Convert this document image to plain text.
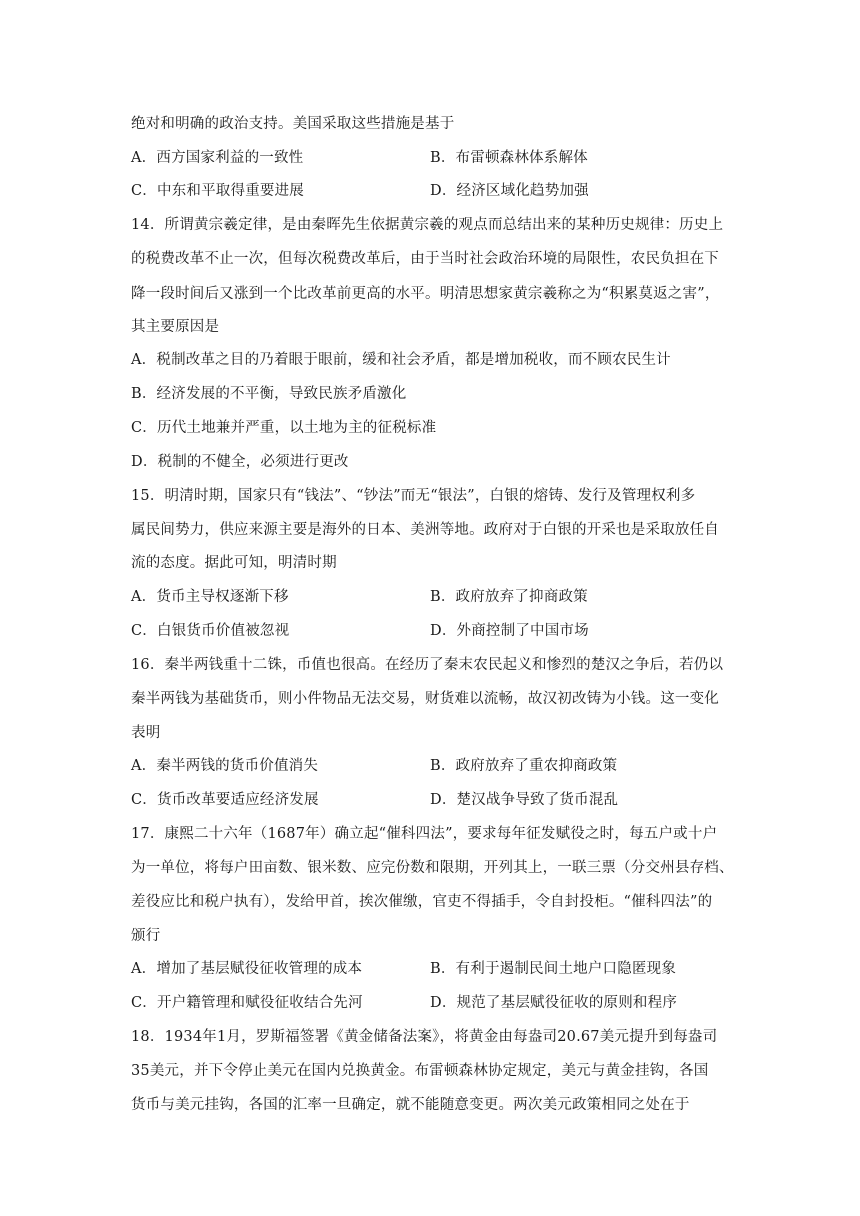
绝对和明确的政治支持。美国采取这些措施是基于
A．西方国家利益的一致性	B．布雷顿森林体系解体
C．中东和平取得重要进展	D．经济区域化趋势加强
14．所谓黄宗羲定律，是由秦晖先生依据黄宗羲的观点而总结出来的某种历史规律：历史上
的税费改革不止一次，但每次税费改革后，由于当时社会政治环境的局限性，农民负担在下
降一段时间后又涨到一个比改革前更高的水平。明清思想家黄宗羲称之为“积累莫返之害”，
其主要原因是
A．税制改革之目的乃着眼于眼前，缓和社会矛盾，都是增加税收，而不顾农民生计
B．经济发展的不平衡，导致民族矛盾激化
C．历代土地兼并严重，以土地为主的征税标准
D．税制的不健全，必须进行更改
15．明清时期，国家只有“钱法”、“钞法”而无“银法”，白银的熔铸、发行及管理权利多
属民间势力，供应来源主要是海外的日本、美洲等地。政府对于白银的开采也是采取放任自
流的态度。据此可知，明清时期
A．货币主导权逐渐下移	B．政府放弃了抑商政策
C．白银货币价值被忽视	D．外商控制了中国市场
16．秦半两钱重十二铢，币值也很高。在经历了秦末农民起义和惨烈的楚汉之争后，若仍以
秦半两钱为基础货币，则小件物品无法交易，财货难以流畅，故汉初改铸为小钱。这一变化
表明
A．秦半两钱的货币价值消失	B．政府放弃了重农抑商政策
C．货币改革要适应经济发展	D．楚汉战争导致了货币混乱
17．康熙二十六年（1687年）确立起“催科四法”，要求每年征发赋役之时，每五户或十户
为一单位，将每户田亩数、银米数、应完份数和限期，开列其上，一联三票（分交州县存档、
差役应比和税户执有），发给甲首，挨次催缴，官吏不得插手，令自封投柜。“催科四法”的
颁行
A．增加了基层赋役征收管理的成本	B．有利于遏制民间土地户口隐匿现象
C．开户籍管理和赋役征收结合先河	D．规范了基层赋役征收的原则和程序
18．1934年1月，罗斯福签署《黄金储备法案》，将黄金由每盎司20.67美元提升到每盎司
35美元，并下令停止美元在国内兑换黄金。布雷顿森林协定规定，美元与黄金挂钩，各国
货币与美元挂钩，各国的汇率一旦确定，就不能随意变更。两次美元政策相同之处在于
